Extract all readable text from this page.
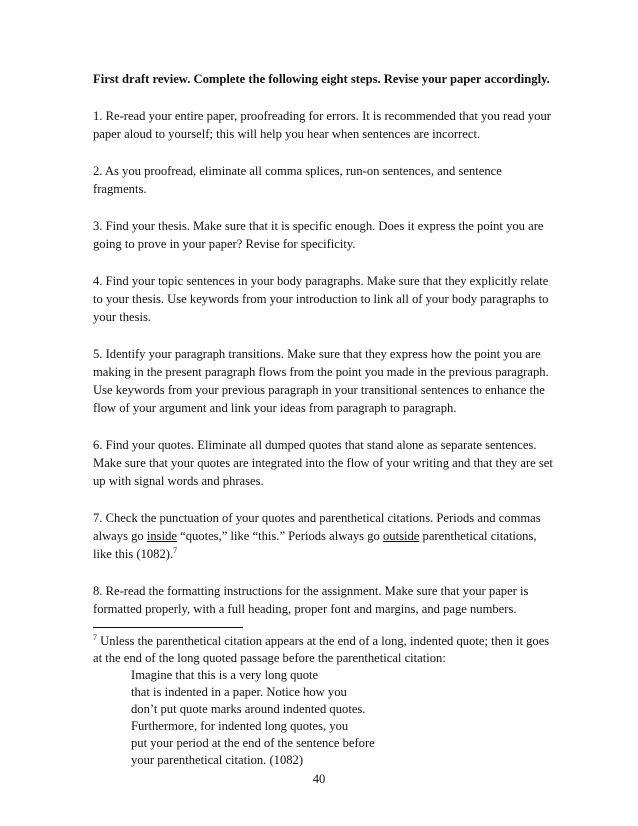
First draft review. Complete the following eight steps. Revise your paper accordingly.

1. Re-read your entire paper, proofreading for errors. It is recommended that you read your paper aloud to yourself; this will help you hear when sentences are incorrect.

2. As you proofread, eliminate all comma splices, run-on sentences, and sentence fragments.

3. Find your thesis. Make sure that it is specific enough. Does it express the point you are going to prove in your paper? Revise for specificity.

4. Find your topic sentences in your body paragraphs. Make sure that they explicitly relate to your thesis. Use keywords from your introduction to link all of your body paragraphs to your thesis.

5. Identify your paragraph transitions. Make sure that they express how the point you are making in the present paragraph flows from the point you made in the previous paragraph. Use keywords from your previous paragraph in your transitional sentences to enhance the flow of your argument and link your ideas from paragraph to paragraph.

6. Find your quotes. Eliminate all dumped quotes that stand alone as separate sentences. Make sure that your quotes are integrated into the flow of your writing and that they are set up with signal words and phrases.

7. Check the punctuation of your quotes and parenthetical citations. Periods and commas always go inside “quotes,” like “this.” Periods always go outside parenthetical citations, like this (1082).$^7$

8. Re-read the formatting instructions for the assignment. Make sure that your paper is formatted properly, with a full heading, proper font and margins, and page numbers.

$^7$ Unless the parenthetical citation appears at the end of a long, indented quote; then it goes at the end of the long quoted passage before the parenthetical citation:

Imagine that this is a very long quote
that is indented in a paper. Notice how you
don’t put quote marks around indented quotes.
Furthermore, for indented long quotes, you
put your period at the end of the sentence before
your parenthetical citation. (1082)
40
